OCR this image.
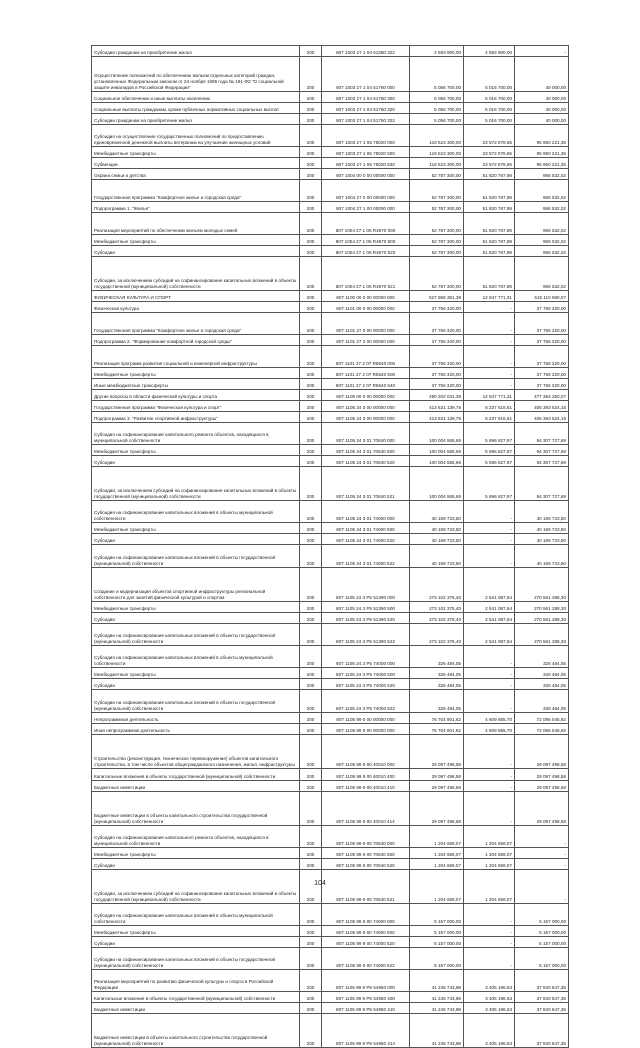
Субсидии гражданам на приобретение жилья	200	807 1003 27 1 04 51350 322	4 593 900,00	4 593 900,00	-
Осуществление полномочий по обеспечению жильем отдельных категорий граждан, установленных Федеральным законом от 24 ноября 1995 года № 181-ФЗ "О социальной защите инвалидов в Российской Федерации"	200	807 1003 27 1 04 51760 000	5 056 700,00	5 016 700,00	40 000,00
Социальное обеспечение и иные выплаты населению	200	807 1003 27 1 04 51760 300	5 056 700,00	5 016 700,00	40 000,00
Социальные выплаты гражданам, кроме публичных нормативных социальных выплат	200	807 1003 27 1 04 51760 320	5 056 700,00	5 016 700,00	40 000,00
Субсидии гражданам на приобретение жилья	200	807 1003 27 1 04 51760 322	5 056 700,00	5 016 700,00	40 000,00
Субсидия на осуществление государственных полномочий по предоставлению единовременной денежной выплаты ветеранам на улучшение жилищных условий	200	807 1003 27 1 05 75020 000	119 523 300,00	23 572 078,65	95 950 221,35
Межбюджетные трансферты	200	807 1003 27 1 05 75020 500	119 523 300,00	23 572 078,65	95 950 221,35
Субвенции	200	807 1003 27 1 05 75020 530	119 523 300,00	23 572 078,65	95 950 221,35
Охрана семьи и детства	200	807 1004 00 0 00 00000 000	52 787 300,00	51 820 767,98	966 532,02
Государственная программа "Комфортное жилье и городская среда"	200	807 1004 27 0 00 00000 000	52 787 300,00	51 820 767,98	966 532,02
Подпрограмма 1. "Жилье"	200	807 1004 27 1 00 00000 000	52 787 300,00	51 820 767,98	966 532,02
Реализация мероприятий по обеспечению жильем молодых семей	200	807 1004 27 1 05 R4970 000	52 787 300,00	51 820 767,98	966 532,02
Межбюджетные трансферты	200	807 1004 27 1 05 R4970 500	52 787 300,00	51 820 767,98	966 532,02
Субсидии	200	807 1004 27 1 05 R4970 520	52 787 300,00	51 820 767,98	966 532,02
Субсидии, за исключением субсидий на софинансирование капитальных вложений в объекты государственной (муниципальной) собственности	200	807 1004 27 1 05 R4970 521	52 787 300,00	51 820 767,98	966 532,02
ФИЗИЧЕСКАЯ КУЛЬТУРА И СПОРТ	200	807 1100 00 0 00 00000 000	527 958 351,38	12 847 771,31	515 110 580,07
Физическая культура	200	807 1101 00 0 00 00000 000	37 756 320,00	-	37 756 320,00
Государственная программа "Комфортное жилье и городская среда"	200	807 1101 27 0 00 00000 000	37 756 320,00	-	37 756 320,00
Подпрограмма 2. "Формирование комфортной городской среды"	200	807 1101 27 2 00 00000 000	37 756 320,00	-	37 756 320,00
Реализация программ развития социальной и инженерной инфраструктуры	200	807 1101 27 2 07 R5540 000	37 756 320,00	-	37 756 320,00
Межбюджетные трансферты	200	807 1101 27 2 07 R5540 500	37 756 320,00	-	37 756 320,00
Иные межбюджетные трансферты	200	807 1101 27 2 07 R5540 540	37 756 320,00	-	37 756 320,00
Другие вопросы в области физической культуры и спорта	200	807 1105 00 0 00 00000 000	490 202 031,38	12 847 771,31	477 354 260,07
Государственная программа "Физическая культура и спорт"	200	807 1105 24 0 00 00000 000	413 631 139,76	8 237 615,61	405 393 524,15
Подпрограмма 3. "Развитие спортивной инфраструктуры"	200	807 1105 24 3 00 00000 000	413 631 139,76	8 237 615,61	405 393 524,15
Субсидия на софинансирование капитального ремонта объектов, находящихся в муниципальной собственности	200	807 1105 24 3 01 70640 000	100 004 555,66	5 696 827,97	94 307 727,69
Межбюджетные трансферты	200	807 1105 24 3 01 70640 500	100 004 555,66	5 696 827,97	94 307 727,69
Субсидии	200	807 1105 24 3 01 70640 520	100 004 555,66	5 696 827,97	94 307 727,69
Субсидии, за исключением субсидий на софинансирование капитальных вложений в объекты государственной (муниципальной) собственности	200	807 1105 24 3 01 70640 521	100 004 555,66	5 696 827,97	94 307 727,69
Субсидия на софинансирование капитальных вложений в объекты муниципальной собственности	200	807 1105 24 3 01 74000 000	40 169 723,50	-	40 169 723,50
Межбюджетные трансферты	200	807 1105 24 3 01 74000 500	40 169 723,50	-	40 169 723,50
Субсидии	200	807 1105 24 3 01 74000 520	40 169 723,50	-	40 169 723,50
Субсидии на софинансирование капитальных вложений в объекты государственной (муниципальной) собственности	200	807 1105 24 3 01 74000 522	40 169 723,50	-	40 169 723,50
Создание и модернизация объектов спортивной инфраструктуры региональной собственности для занятий физической культурой и спортом	200	807 1105 24 3 P5 51390 000	273 102 375,40	2 541 087,64	270 561 288,30
Межбюджетные трансферты	200	807 1105 24 3 P5 51390 500	273 102 375,40	2 541 087,64	270 561 288,30
Субсидии	200	807 1105 24 3 P5 51390 520	273 102 375,40	2 541 087,64	270 561 288,30
Субсидии на софинансирование капитальных вложений в объекты государственной (муниципальной) собственности	200	807 1105 24 3 P5 51390 522	273 102 375,40	2 541 087,64	270 561 288,30
Субсидия на софинансирование капитальных вложений в объекты муниципальной собственности	200	807 1105 24 3 P5 74000 000	326 484,05	-	326 484,05
Межбюджетные трансферты	200	807 1105 24 3 P5 74000 500	326 484,05	-	326 484,05
Субсидии	200	807 1105 24 3 P5 74000 520	326 484,05	-	326 484,05
Субсидии на софинансирование капитальных вложений в объекты государственной (муниципальной) собственности	200	807 1105 24 3 P5 74000 522	326 484,05	-	326 484,05
Непрограммная деятельность	200	807 1105 99 0 00 00000 000	76 704 901,62	4 609 855,70	72 095 045,92
Иная непрограммная деятельность	200	807 1105 99 9 00 00000 000	76 704 901,62	4 609 855,70	72 095 045,92
Строительство (реконструкция, техническое перевооружение) объектов капитального строительства, в том числе объектов общегражданского назначения, жилья, инфраструктуры	200	807 1105 99 9 00 40010 000	29 097 498,58	-	29 097 498,58
Капитальные вложения в объекты государственной (муниципальной) собственности	200	807 1105 99 9 00 40010 400	29 097 498,58	-	29 097 498,58
Бюджетные инвестиции	200	807 1105 99 9 00 40010 410	29 097 498,58	-	29 097 498,58
Бюджетные инвестиции в объекты капитального строительства государственной (муниципальной) собственности	200	807 1105 99 9 00 40010 414	29 097 498,58	-	29 097 498,58
Субсидия на софинансирование капитального ремонта объектов, находящихся в муниципальной собственности	200	807 1105 99 9 00 70640 000	1 204 659,07	1 204 659,07	-
Межбюджетные трансферты	200	807 1105 99 9 00 70640 500	1 204 659,07	1 204 659,07	-
Субсидии	200	807 1105 99 9 00 70640 520	1 204 659,07	1 204 659,07	-
Субсидии, за исключением субсидий на софинансирование капитальных вложений в объекты государственной (муниципальной) собственности	200	807 1105 99 9 00 70640 521	1 204 659,07	1 204 659,07	-
Субсидия на софинансирование капитальных вложений в объекты муниципальной собственности	200	807 1105 99 9 00 74000 000	5 157 000,00	-	5 157 000,00
Межбюджетные трансферты	200	807 1105 99 9 00 74000 500	5 157 000,00	-	5 157 000,00
Субсидии	200	807 1105 99 9 00 74000 520	5 157 000,00	-	5 157 000,00
Субсидии на софинансирование капитальных вложений в объекты государственной (муниципальной) собственности	200	807 1105 99 9 00 74000 522	5 157 000,00	-	5 157 000,00
Реализация мероприятий по развитию физической культуры и спорта в Российской Федерации	200	807 1105 99 9 P5 54950 000	41 245 743,98	3 405 196,63	37 840 547,35
Капитальные вложения в объекты государственной (муниципальной) собственности	200	807 1105 99 9 P5 54950 400	41 245 743,98	3 405 196,63	37 840 547,35
Бюджетные инвестиции	200	807 1105 99 9 P5 54950 410	41 245 743,98	3 405 196,63	37 840 547,35
Бюджетные инвестиции в объекты капитального строительства государственной (муниципальной) собственности	200	807 1105 99 9 P5 54950 414	41 245 743,98	3 405 196,63	37 840 547,35
104
